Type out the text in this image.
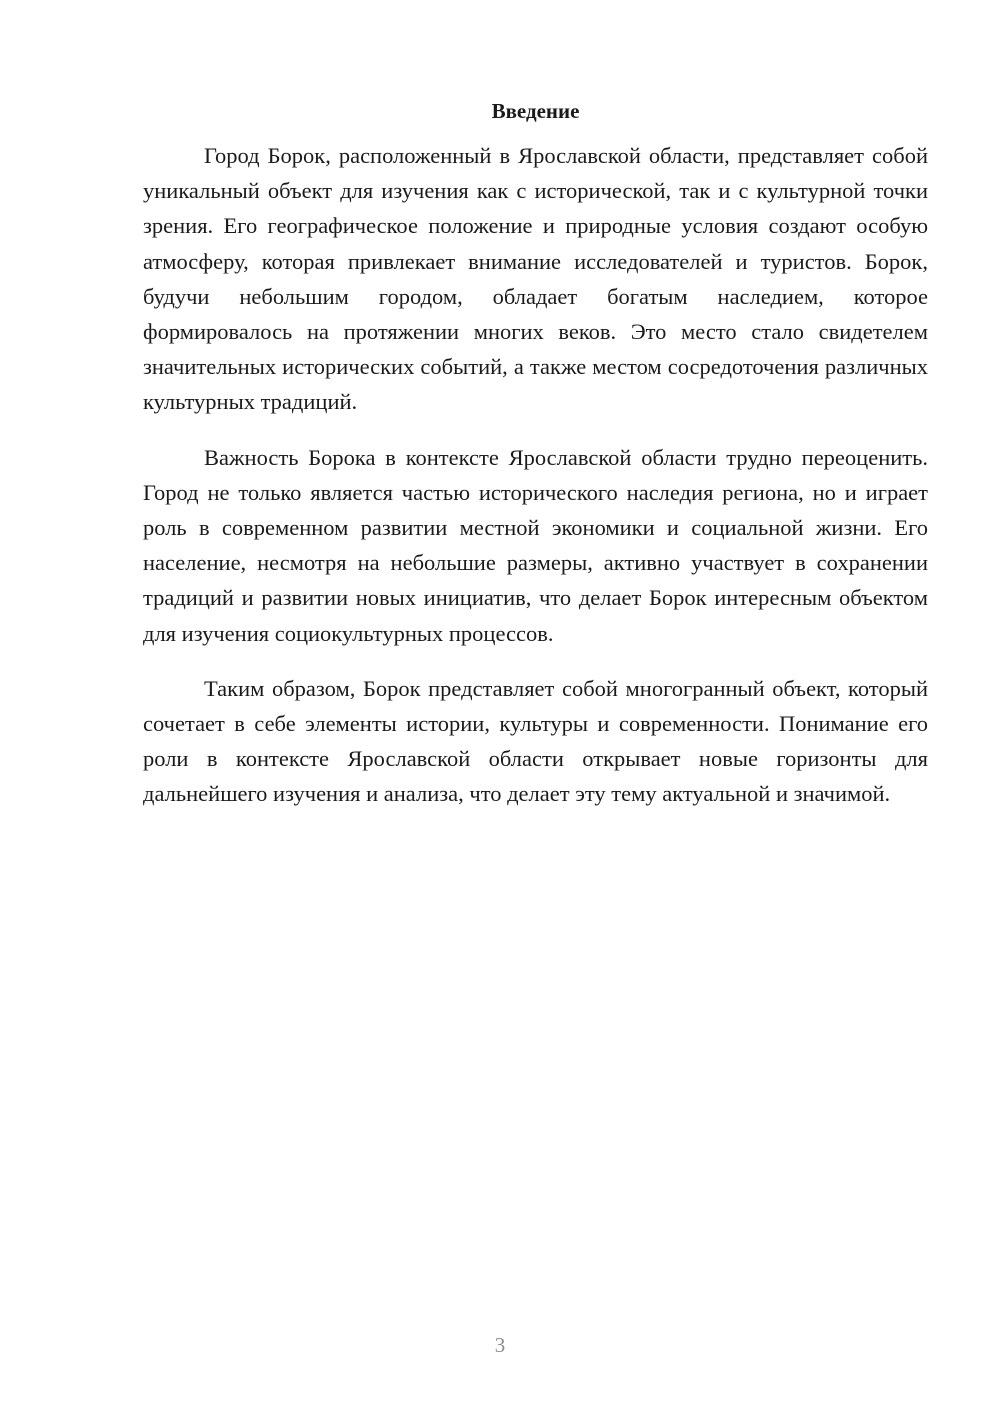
Введение

Город Борок, расположенный в Ярославской области, представляет собой уникальный объект для изучения как с исторической, так и с культурной точки зрения. Его географическое положение и природные условия создают особую атмосферу, которая привлекает внимание исследователей и туристов. Борок, будучи небольшим городом, обладает богатым наследием, которое формировалось на протяжении многих веков. Это место стало свидетелем значительных исторических событий, а также местом сосредоточения различных культурных традиций.

Важность Борока в контексте Ярославской области трудно переоценить. Город не только является частью исторического наследия региона, но и играет роль в современном развитии местной экономики и социальной жизни. Его население, несмотря на небольшие размеры, активно участвует в сохранении традиций и развитии новых инициатив, что делает Борок интересным объектом для изучения социокультурных процессов.

Таким образом, Борок представляет собой многогранный объект, который сочетает в себе элементы истории, культуры и современности. Понимание его роли в контексте Ярославской области открывает новые горизонты для дальнейшего изучения и анализа, что делает эту тему актуальной и значимой.

3
